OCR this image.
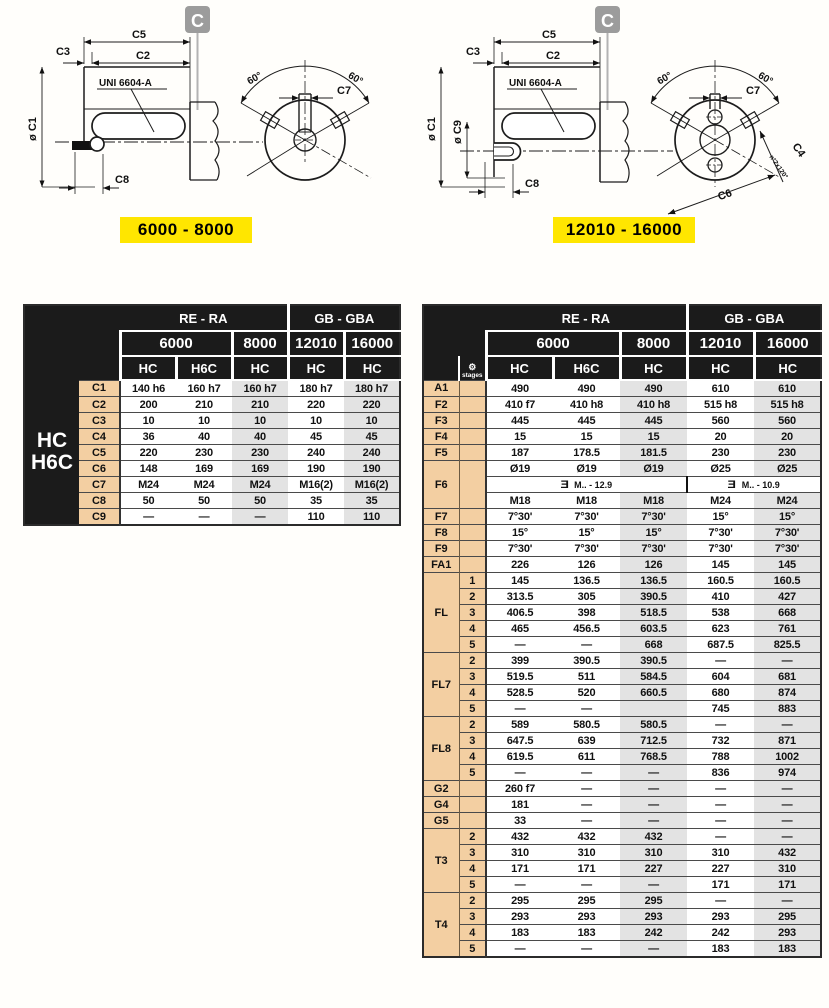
C
C5
C2
C3
UNI 6604-A
C8
ø C1
60°	60°
C7
6000 - 8000
C
C5
C2
C3
UNI 6604-A
C8
ø C1 ø C9
60°	60°
C7
C4
n°2x120°
C6
12010 - 16000
		RE - RA			GB - GBA	
		6000		8000	12010	16000
		HC	H6C	HC	HC	HC

HC
H6C	C1	140 h6	160 h7	160 h7	180 h7	180 h7
	C2	200	210	210	220	220
	C3	10	10	10	10	10
	C4	36	40	40	45	45
	C5	220	230	230	240	240
	C6	148	169	169	190	190
	C7	M24	M24	M24	M16(2)	M16(2)
	C8	50	50	50	35	35
	C9	—	—	—	110	110
		RE - RA			GB - GBA	
		6000		8000	12010	16000

	⚙
stages	HC	H6C	HC	HC	HC
A1		490	490	490	610	610
F2		410 f7	410 h8	410 h8	515 h8	515 h8
F3		445	445	445	560	560
F4		15	15	15	20	20
F5		187	178.5	181.5	230	230
F6		Ø19	Ø19	Ø19	Ø25	Ø25
		Ǝ M.. - 12.9			Ǝ M.. - 10.9	
		M18	M18	M18	M24	M24
F7		7°30'	7°30'	7°30'	15°	15°
F8		15°	15°	15°	7°30'	7°30'
F9		7°30'	7°30'	7°30'	7°30'	7°30'
FA1		226	126	126	145	145
FL	1	145	136.5	136.5	160.5	160.5
	2	313.5	305	390.5	410	427
	3	406.5	398	518.5	538	668
	4	465	456.5	603.5	623	761
	5	—	—	668	687.5	825.5
FL7	2	399	390.5	390.5	—	—
	3	519.5	511	584.5	604	681
	4	528.5	520	660.5	680	874
	5	—	—		745	883
FL8	2	589	580.5	580.5	—	—
	3	647.5	639	712.5	732	871
	4	619.5	611	768.5	788	1002
	5	—	—	—	836	974
G2		260 f7	—	—	—	—
G4		181	—	—	—	—
G5		33	—	—	—	—
T3	2	432	432	432	—	—
	3	310	310	310	310	432
	4	171	171	227	227	310
	5	—	—	—	171	171
T4	2	295	295	295	—	—
	3	293	293	293	293	295
	4	183	183	242	242	293
	5	—	—	—	183	183
